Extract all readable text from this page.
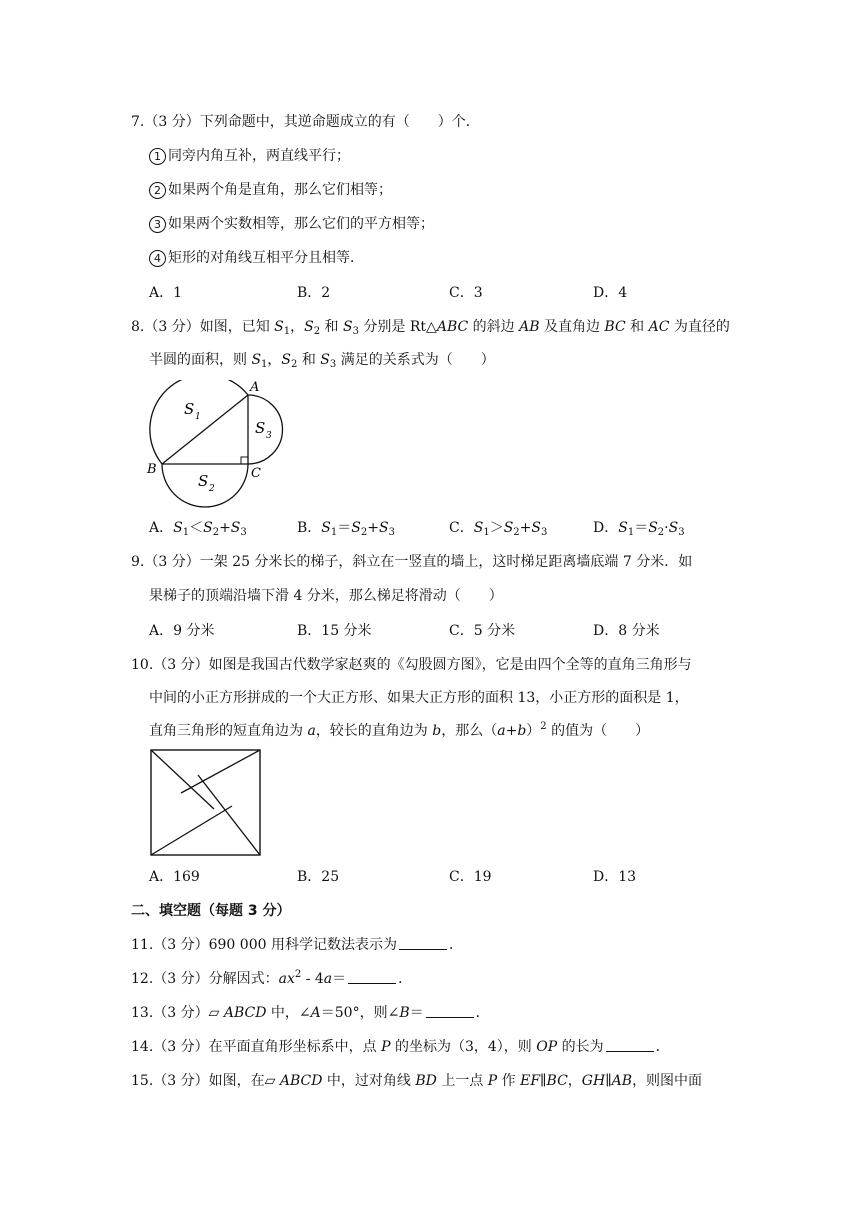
7.（3 分）下列命题中，其逆命题成立的有（　　）个．
1 同旁内角互补，两直线平行；
2 如果两个角是直角，那么它们相等；
3 如果两个实数相等，那么它们的平方相等；
4 矩形的对角线互相平分且相等．
A．1	B．2	C．3	D．4
8.（3 分）如图，已知 $S_1$，$S_2$ 和 $S_3$ 分别是 Rt△ABC 的斜边 AB 及直角边 BC 和 AC 为直径的
半圆的面积，则 $S_1$，$S_2$ 和 $S_3$ 满足的关系式为（　　）
S 1
S 3
S 2
A
B	C
A．$S_1<S_2+S_3$	B．$S_1=S_2+S_3$	C．$S_1>S_2+S_3$	D．$S_1=S_2\cdot S_3$
9.（3 分）一架 25 分米长的梯子，斜立在一竖直的墙上，这时梯足距离墙底端 7 分米．如
果梯子的顶端沿墙下滑 4 分米，那么梯足将滑动（　　）
A．9 分米	B．15 分米	C．5 分米	D．8 分米
10.（3 分）如图是我国古代数学家赵爽的《勾股圆方图》，它是由四个全等的直角三角形与
中间的小正方形拼成的一个大正方形、如果大正方形的面积 13，小正方形的面积是 1，
直角三角形的短直角边为 a，较长的直角边为 b，那么$(a+b)^2$ 的值为（　　）
A．169	B．25	C．19	D．13
二、填空题（每题 3 分）
11.（3 分）690 000 用科学记数法表示为	．
12.（3 分）分解因式：$ax^2 - 4a=$	．
13.（3 分）▱ ABCD 中，∠A＝50°，则∠B＝	．
14.（3 分）在平面直角形坐标系中，点 P 的坐标为（3，4），则 OP 的长为	．
15.（3 分）如图，在▱ ABCD 中，过对角线 BD 上一点 P 作 EF∥BC，GH∥AB，则图中面
